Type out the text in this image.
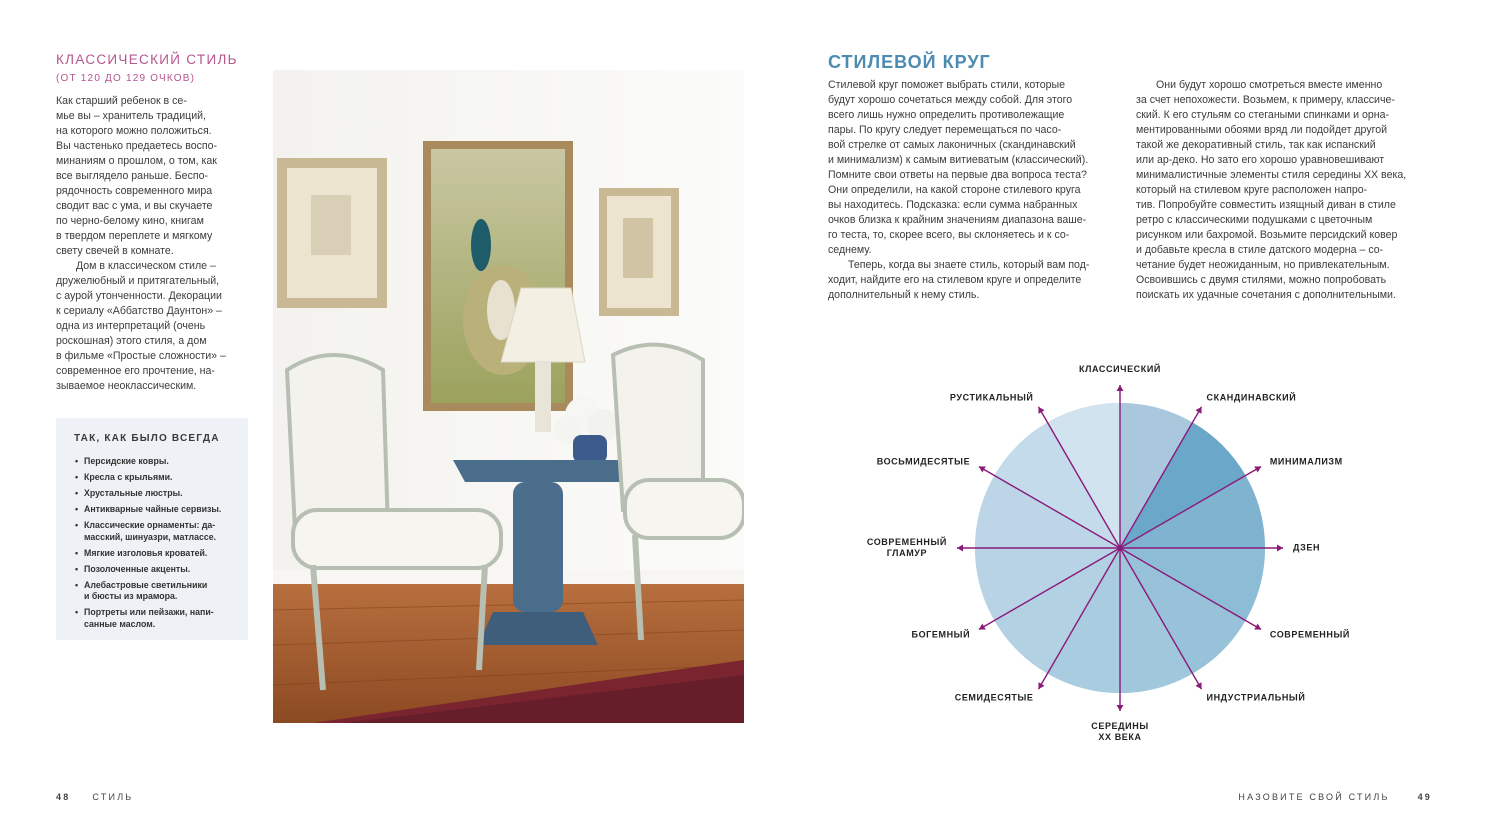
КЛАССИЧЕСКИЙ СТИЛЬ
(ОТ 120 ДО 129 ОЧКОВ)

Как старший ребенок в се-
мье вы – хранитель традиций,
на которого можно положиться.
Вы частенько предаетесь воспо-
минаниям о прошлом, о том, как
все выглядело раньше. Беспо-
рядочность современного мира
сводит вас с ума, и вы скучаете
по черно-белому кино, книгам
в твердом переплете и мягкому
свету свечей в комнате.

Дом в классическом стиле –
дружелюбный и притягательный,
с аурой утонченности. Декорации
к сериалу «Аббатство Даунтон» –
одна из интерпретаций (очень
роскошная) этого стиля, а дом
в фильме «Простые сложности» –
современное его прочтение, на-
зываемое неоклассическим.

ТАК, КАК БЫЛО ВСЕГДА
• Персидские ковры.
• Кресла с крыльями.
• Хрустальные люстры.
• Антикварные чайные сервизы.
• Классические орнаменты: да-
масский, шинуазри, матлассе.
• Мягкие изголовья кроватей.
• Позолоченные акценты.
• Алебастровые светильники
и бюсты из мрамора.
• Портреты или пейзажи, напи-
санные маслом.
СТИЛЕВОЙ КРУГ

Стилевой круг поможет выбрать стили, которые
будут хорошо сочетаться между собой. Для этого
всего лишь нужно определить противолежащие
пары. По кругу следует перемещаться по часо-
вой стрелке от самых лаконичных (скандинавский
и минимализм) к самым витиеватым (классический).
Помните свои ответы на первые два вопроса теста?
Они определили, на какой стороне стилевого круга
вы находитесь. Подсказка: если сумма набранных
очков близка к крайним значениям диапазона ваше-
го теста, то, скорее всего, вы склоняетесь и к со-
седнему.

Теперь, когда вы знаете стиль, который вам под-
ходит, найдите его на стилевом круге и определите
дополнительный к нему стиль.

Они будут хорошо смотреться вместе именно
за счет непохожести. Возьмем, к примеру, классиче-
ский. К его стульям со стегаными спинками и орна-
ментированными обоями вряд ли подойдет другой
такой же декоративный стиль, так как испанский
или ар-деко. Но зато его хорошо уравновешивают
минималистичные элементы стиля середины XX века,
который на стилевом круге расположен напро-
тив. Попробуйте совместить изящный диван в стиле
ретро с классическими подушками с цветочным
рисунком или бахромой. Возьмите персидский ковер
и добавьте кресла в стиле датского модерна – со-
четание будет неожиданным, но привлекательным.
Освоившись с двумя стилями, можно попробовать
поискать их удачные сочетания с дополнительными.

КЛАССИЧЕСКИЙ
СКАНДИНАВСКИЙ
МИНИМАЛИЗМ
ДЗЕН
СОВРЕМЕННЫЙ
ИНДУСТРИАЛЬНЫЙ
СЕРЕДИНЫ
XX ВЕКА
СЕМИДЕСЯТЫЕ
БОГЕМНЫЙ
СОВРЕМЕННЫЙ
ГЛАМУР
ВОСЬМИДЕСЯТЫЕ
РУСТИКАЛЬНЫЙ
48 СТИЛЬ	НАЗОВИТЕ СВОЙ СТИЛЬ	49
